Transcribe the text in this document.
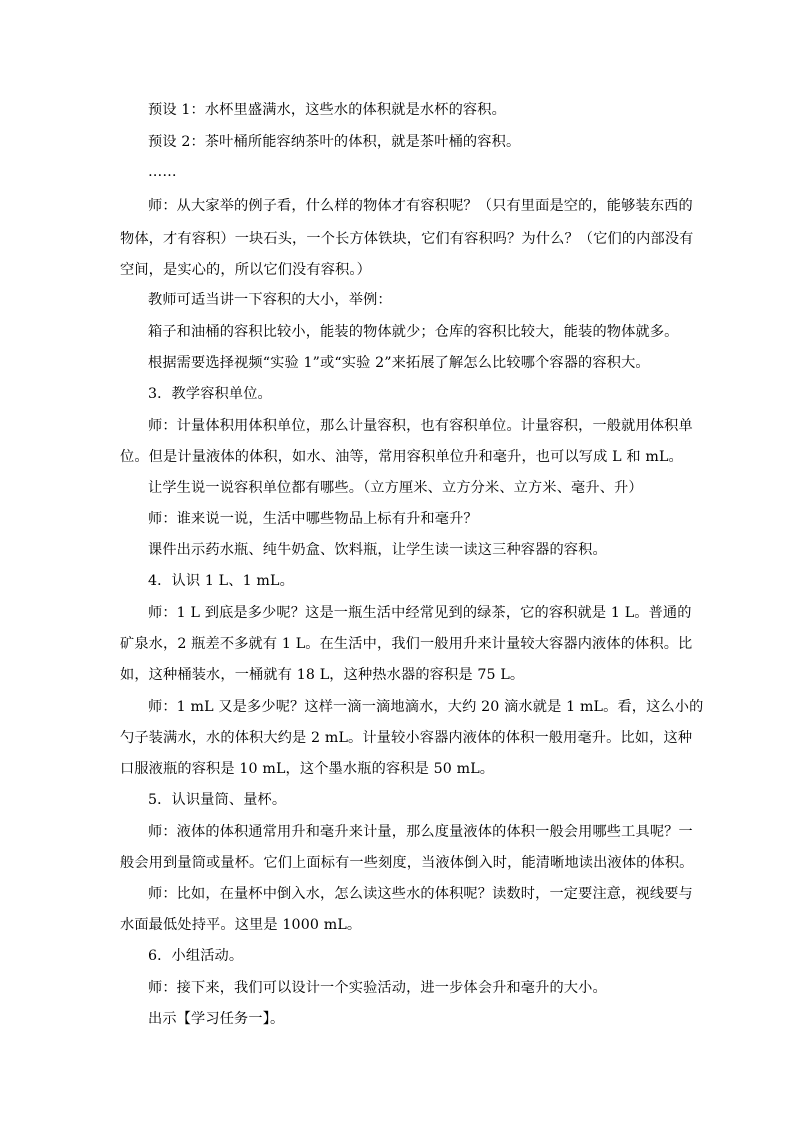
预设 1：水杯里盛满水，这些水的体积就是水杯的容积。
预设 2：茶叶桶所能容纳茶叶的体积，就是茶叶桶的容积。
……
师：从大家举的例子看，什么样的物体才有容积呢？（只有里面是空的，能够装东西的
物体，才有容积）一块石头，一个长方体铁块，它们有容积吗？为什么？（它们的内部没有
空间，是实心的，所以它们没有容积。）
教师可适当讲一下容积的大小，举例：
箱子和油桶的容积比较小，能装的物体就少；仓库的容积比较大，能装的物体就多。
根据需要选择视频“实验 1”或“实验 2”来拓展了解怎么比较哪个容器的容积大。
3．教学容积单位。
师：计量体积用体积单位，那么计量容积，也有容积单位。计量容积，一般就用体积单
位。但是计量液体的体积，如水、油等，常用容积单位升和毫升，也可以写成 L 和 mL。
让学生说一说容积单位都有哪些。（立方厘米、立方分米、立方米、毫升、升）
师：谁来说一说，生活中哪些物品上标有升和毫升？
课件出示药水瓶、纯牛奶盒、饮料瓶，让学生读一读这三种容器的容积。
4．认识 1 L、1 mL。
师：1 L 到底是多少呢？这是一瓶生活中经常见到的绿茶，它的容积就是 1 L。普通的
矿泉水，2 瓶差不多就有 1 L。在生活中，我们一般用升来计量较大容器内液体的体积。比
如，这种桶装水，一桶就有 18 L，这种热水器的容积是 75 L。
师：1 mL 又是多少呢？这样一滴一滴地滴水，大约 20 滴水就是 1 mL。看，这么小的
勺子装满水，水的体积大约是 2 mL。计量较小容器内液体的体积一般用毫升。比如，这种
口服液瓶的容积是 10 mL，这个墨水瓶的容积是 50 mL。
5．认识量筒、量杯。
师：液体的体积通常用升和毫升来计量，那么度量液体的体积一般会用哪些工具呢？一
般会用到量筒或量杯。它们上面标有一些刻度，当液体倒入时，能清晰地读出液体的体积。
师：比如，在量杯中倒入水，怎么读这些水的体积呢？读数时，一定要注意，视线要与
水面最低处持平。这里是 1000 mL。
6．小组活动。
师：接下来，我们可以设计一个实验活动，进一步体会升和毫升的大小。
出示【学习任务一】。
